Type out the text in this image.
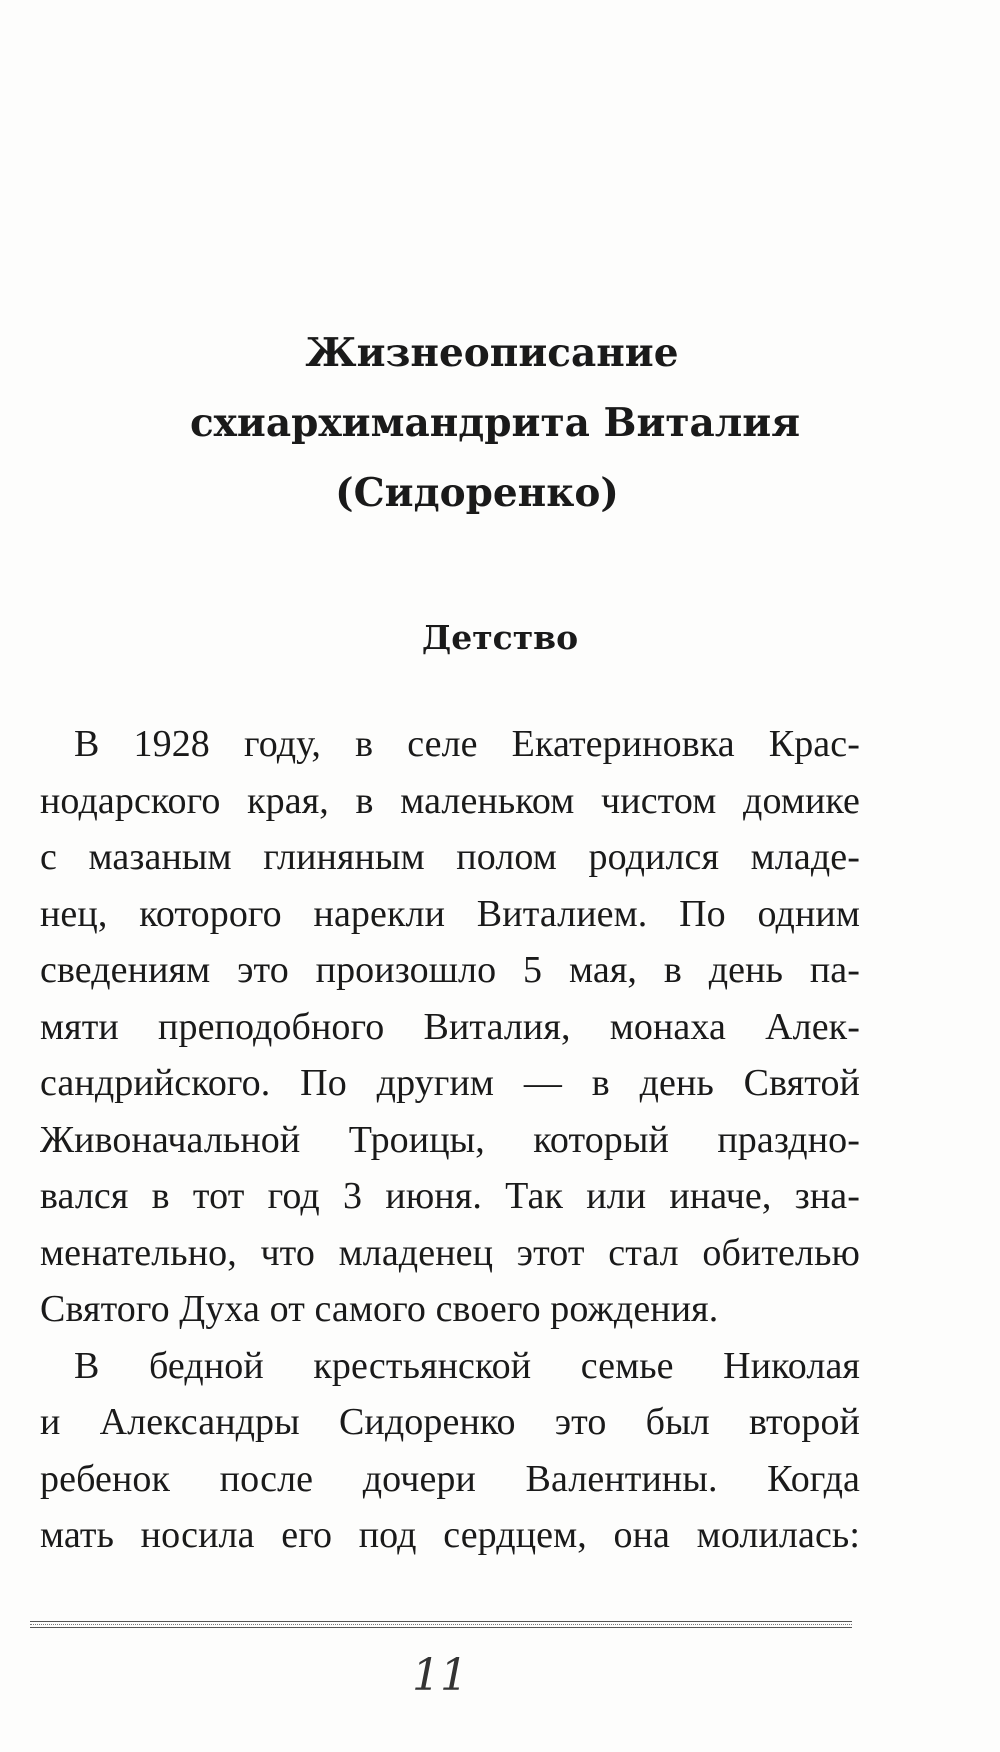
Жизнеописание

схиархимандрита Виталия

(Сидоренко)

Детство

В 1928 году, в селе Екатериновка Крас-
нодарского края, в маленьком чистом домике
с мазаным глиняным полом родился младе-
нец, которого нарекли Виталием. По одним
сведениям это произошло 5 мая, в день па-
мяти преподобного Виталия, монаха Алек-
сандрийского. По другим — в день Святой
Живоначальной Троицы, который праздно-
вался в тот год 3 июня. Так или иначе, зна-
менательно, что младенец этот стал обителью
Святого Духа от самого своего рождения.
В бедной крестьянской семье Николая
и Александры Сидоренко это был второй
ребенок после дочери Валентины. Когда
мать носила его под сердцем, она молилась:

11
